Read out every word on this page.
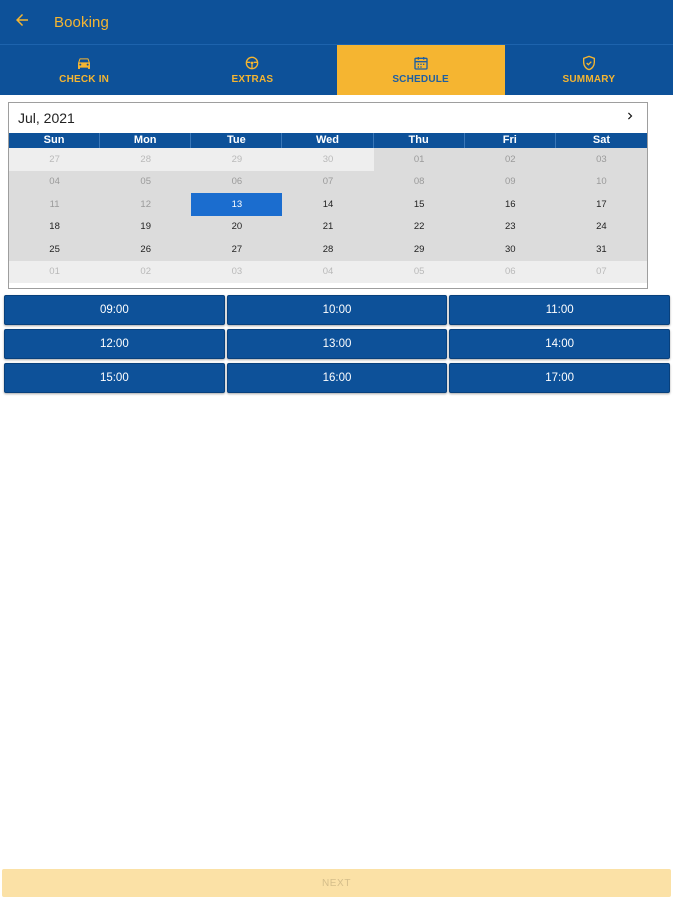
Booking
CHECK IN	EXTRAS	SCHEDULE	SUMMARY
Jul, 2021
Sun	Mon	Tue	Wed	Thu	Fri	Sat
27	28	29	30	01	02	03
04	05	06	07	08	09	10
11	12	13	14	15	16	17
18	19	20	21	22	23	24
25	26	27	28	29	30	31
01	02	03	04	05	06	07
09:00	10:00	11:00
12:00	13:00	14:00
15:00	16:00	17:00
NEXT
